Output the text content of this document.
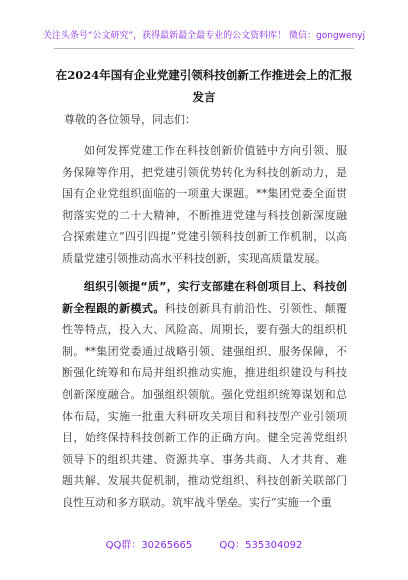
关注头条号“公文研究”，获得最新最全最专业的公文资料库！ 微信：gongwenyj
在2024年国有企业党建引领科技创新工作推进会上的汇报
发言
尊敬的各位领导，同志们：

如何发挥党建工作在科技创新价值链中方向引领、服务保障等作用，把党建引领优势转化为科技创新动力，是国有企业党组织面临的一项重大课题。**集团党委全面贯彻落实党的二十大精神，不断推进党建与科技创新深度融合探索建立“四引四提”党建引领科技创新工作机制，以高质量党建引领推动高水平科技创新，实现高质量发展。

组织引领提“质”，实行支部建在科创项目上、科技创新全程跟的新模式。科技创新具有前沿性、引领性、颠覆性等特点，投入大、风险高、周期长，要有强大的组织机制。**集团党委通过战略引领、建强组织、服务保障，不断强化统筹和布局并组织推动实施，推进组织建设与科技创新深度融合。加强组织领航。强化党组织统筹谋划和总体布局，实施一批重大科研攻关项目和科技型产业引领项目，始终保持科技创新工作的正确方向。健全完善党组织领导下的组织共建、资源共享、事务共商、人才共育、难题共解、发展共促机制，推动党组织、科技创新关联部门良性互动和多方联动。筑牢战斗堡垒。实行“实施一个重

QQ群：30265665	QQ：535304092
